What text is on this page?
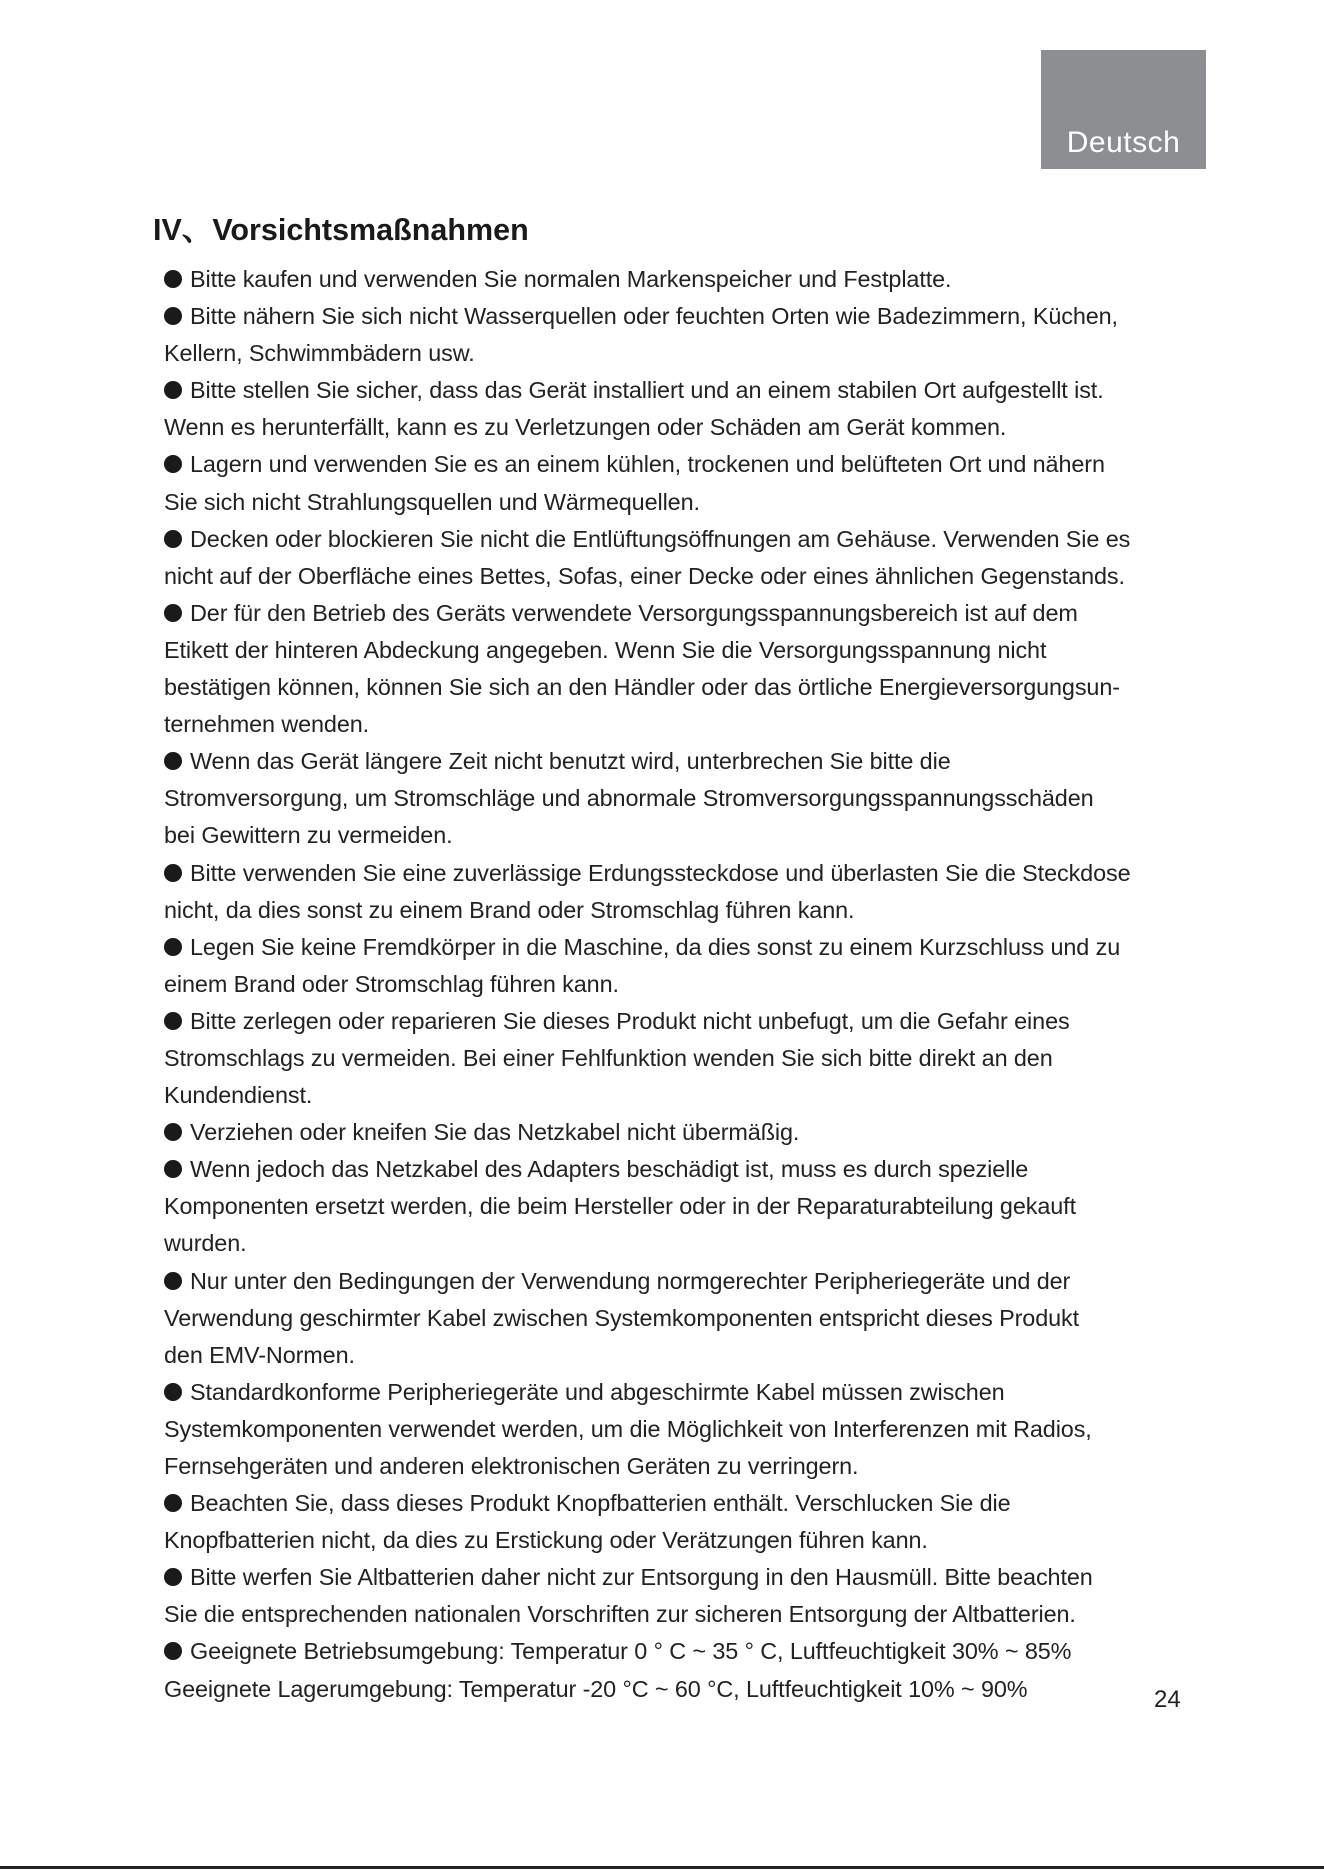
Deutsch
IV、Vorsichtsmaßnahmen

Bitte kaufen und verwenden Sie normalen Markenspeicher und Festplatte.

Bitte nähern Sie sich nicht Wasserquellen oder feuchten Orten wie Badezimmern, Küchen,
Kellern, Schwimmbädern usw.

Bitte stellen Sie sicher, dass das Gerät installiert und an einem stabilen Ort aufgestellt ist.
Wenn es herunterfällt, kann es zu Verletzungen oder Schäden am Gerät kommen.

Lagern und verwenden Sie es an einem kühlen, trockenen und belüfteten Ort und nähern
Sie sich nicht Strahlungsquellen und Wärmequellen.

Decken oder blockieren Sie nicht die Entlüftungsöffnungen am Gehäuse. Verwenden Sie es
nicht auf der Oberfläche eines Bettes, Sofas, einer Decke oder eines ähnlichen Gegenstands.

Der für den Betrieb des Geräts verwendete Versorgungsspannungsbereich ist auf dem
Etikett der hinteren Abdeckung angegeben. Wenn Sie die Versorgungsspannung nicht
bestätigen können, können Sie sich an den Händler oder das örtliche Energieversorgungsun-
ternehmen wenden.

Wenn das Gerät längere Zeit nicht benutzt wird, unterbrechen Sie bitte die
Stromversorgung, um Stromschläge und abnormale Stromversorgungsspannungsschäden
bei Gewittern zu vermeiden.

Bitte verwenden Sie eine zuverlässige Erdungssteckdose und überlasten Sie die Steckdose
nicht, da dies sonst zu einem Brand oder Stromschlag führen kann.

Legen Sie keine Fremdkörper in die Maschine, da dies sonst zu einem Kurzschluss und zu
einem Brand oder Stromschlag führen kann.

Bitte zerlegen oder reparieren Sie dieses Produkt nicht unbefugt, um die Gefahr eines
Stromschlags zu vermeiden. Bei einer Fehlfunktion wenden Sie sich bitte direkt an den
Kundendienst.

Verziehen oder kneifen Sie das Netzkabel nicht übermäßig.

Wenn jedoch das Netzkabel des Adapters beschädigt ist, muss es durch spezielle
Komponenten ersetzt werden, die beim Hersteller oder in der Reparaturabteilung gekauft
wurden.

Nur unter den Bedingungen der Verwendung normgerechter Peripheriegeräte und der
Verwendung geschirmter Kabel zwischen Systemkomponenten entspricht dieses Produkt
den EMV-Normen.

Standardkonforme Peripheriegeräte und abgeschirmte Kabel müssen zwischen
Systemkomponenten verwendet werden, um die Möglichkeit von Interferenzen mit Radios,
Fernsehgeräten und anderen elektronischen Geräten zu verringern.

Beachten Sie, dass dieses Produkt Knopfbatterien enthält. Verschlucken Sie die
Knopfbatterien nicht, da dies zu Erstickung oder Verätzungen führen kann.

Bitte werfen Sie Altbatterien daher nicht zur Entsorgung in den Hausmüll. Bitte beachten
Sie die entsprechenden nationalen Vorschriften zur sicheren Entsorgung der Altbatterien.

Geeignete Betriebsumgebung: Temperatur 0 ° C ~ 35 ° C, Luftfeuchtigkeit 30% ~ 85%
Geeignete Lagerumgebung: Temperatur -20 °C ~ 60 °C, Luftfeuchtigkeit 10% ~ 90%	24
